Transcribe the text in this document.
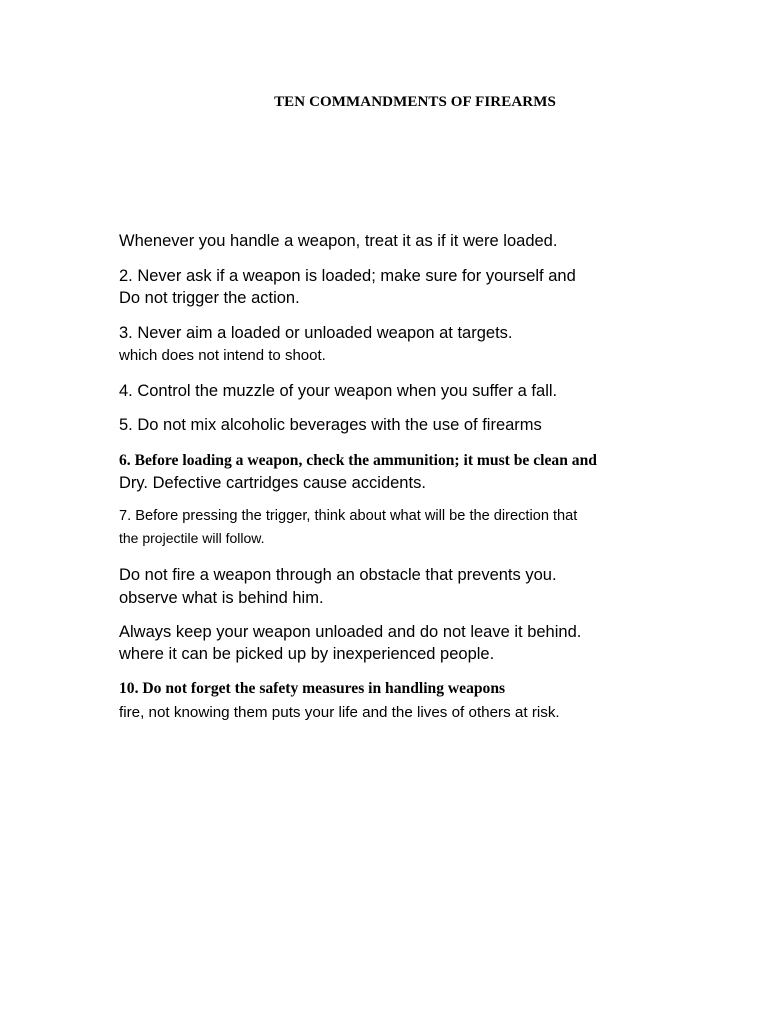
TEN COMMANDMENTS OF FIREARMS
Whenever you handle a weapon, treat it as if it were loaded.
2. Never ask if a weapon is loaded; make sure for yourself and
Do not trigger the action.
3. Never aim a loaded or unloaded weapon at targets.
which does not intend to shoot.
4. Control the muzzle of your weapon when you suffer a fall.
5. Do not mix alcoholic beverages with the use of firearms
6. Before loading a weapon, check the ammunition; it must be clean and
Dry. Defective cartridges cause accidents.
7. Before pressing the trigger, think about what will be the direction that
the projectile will follow.
Do not fire a weapon through an obstacle that prevents you.
observe what is behind him.
Always keep your weapon unloaded and do not leave it behind.
where it can be picked up by inexperienced people.
10. Do not forget the safety measures in handling weapons
fire, not knowing them puts your life and the lives of others at risk.
